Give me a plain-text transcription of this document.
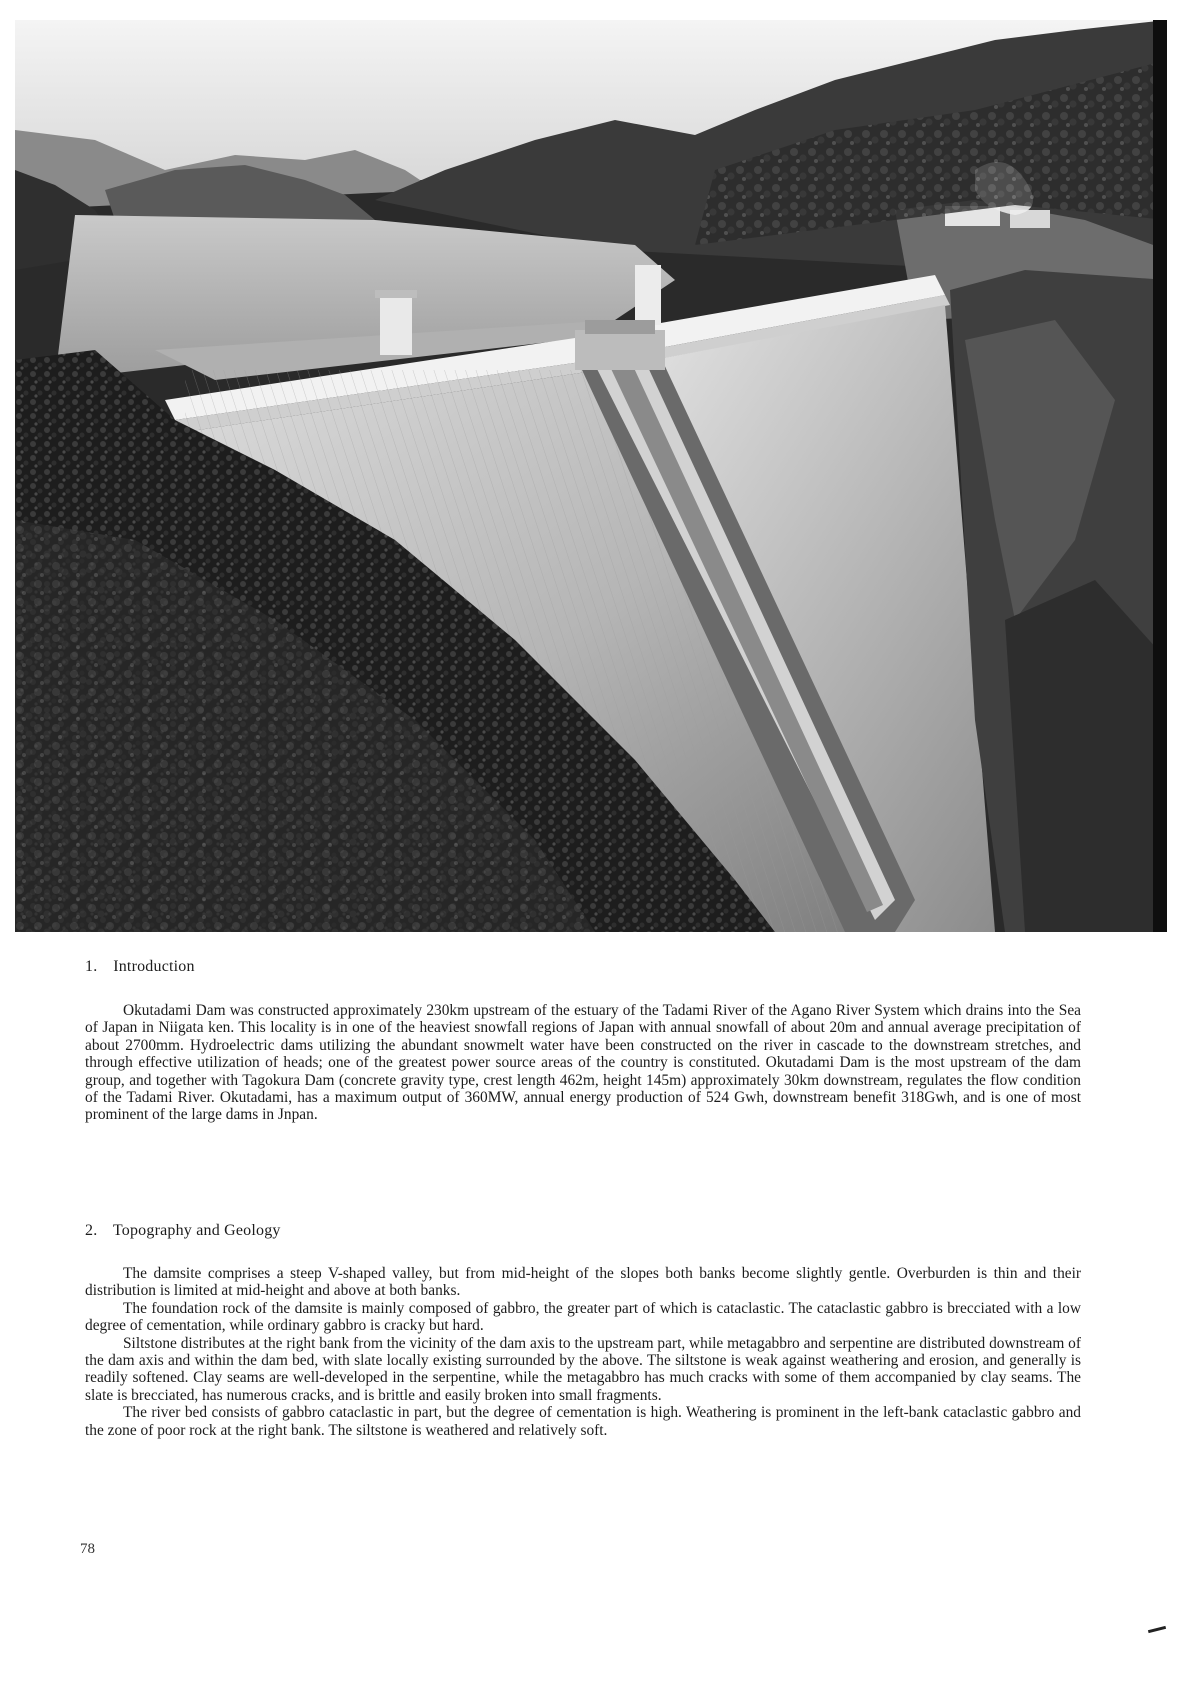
1. Introduction

Okutadami Dam was constructed approximately 230km upstream of the estuary of the Tadami River of the Agano River System which drains into the Sea of Japan in Niigata ken. This locality is in one of the heaviest snowfall regions of Japan with annual snowfall of about 20m and annual average precipitation of about 2700mm. Hydroelectric dams utilizing the abundant snowmelt water have been constructed on the river in cascade to the downstream stretches, and through effective utilization of heads; one of the greatest power source areas of the country is constituted. Okutadami Dam is the most upstream of the dam group, and together with Tagokura Dam (concrete gravity type, crest length 462m, height 145m) approximately 30km downstream, regulates the flow condition of the Tadami River. Okutadami, has a maximum output of 360MW, annual energy production of 524 Gwh, downstream benefit 318Gwh, and is one of most prominent of the large dams in Jnpan.

2. Topography and Geology

The damsite comprises a steep V-shaped valley, but from mid-height of the slopes both banks become slightly gentle. Overburden is thin and their distribution is limited at mid-height and above at both banks.

The foundation rock of the damsite is mainly composed of gabbro, the greater part of which is cataclastic. The cataclastic gabbro is brecciated with a low degree of cementation, while ordinary gabbro is cracky but hard.

Siltstone distributes at the right bank from the vicinity of the dam axis to the upstream part, while metagabbro and serpentine are distributed downstream of the dam axis and within the dam bed, with slate locally existing surrounded by the above. The siltstone is weak against weathering and erosion, and generally is readily softened. Clay seams are well-developed in the serpentine, while the metagabbro has much cracks with some of them accompanied by clay seams. The slate is brecciated, has numerous cracks, and is brittle and easily broken into small fragments.

The river bed consists of gabbro cataclastic in part, but the degree of cementation is high. Weathering is prominent in the left-bank cataclastic gabbro and the zone of poor rock at the right bank. The siltstone is weathered and relatively soft.

78
